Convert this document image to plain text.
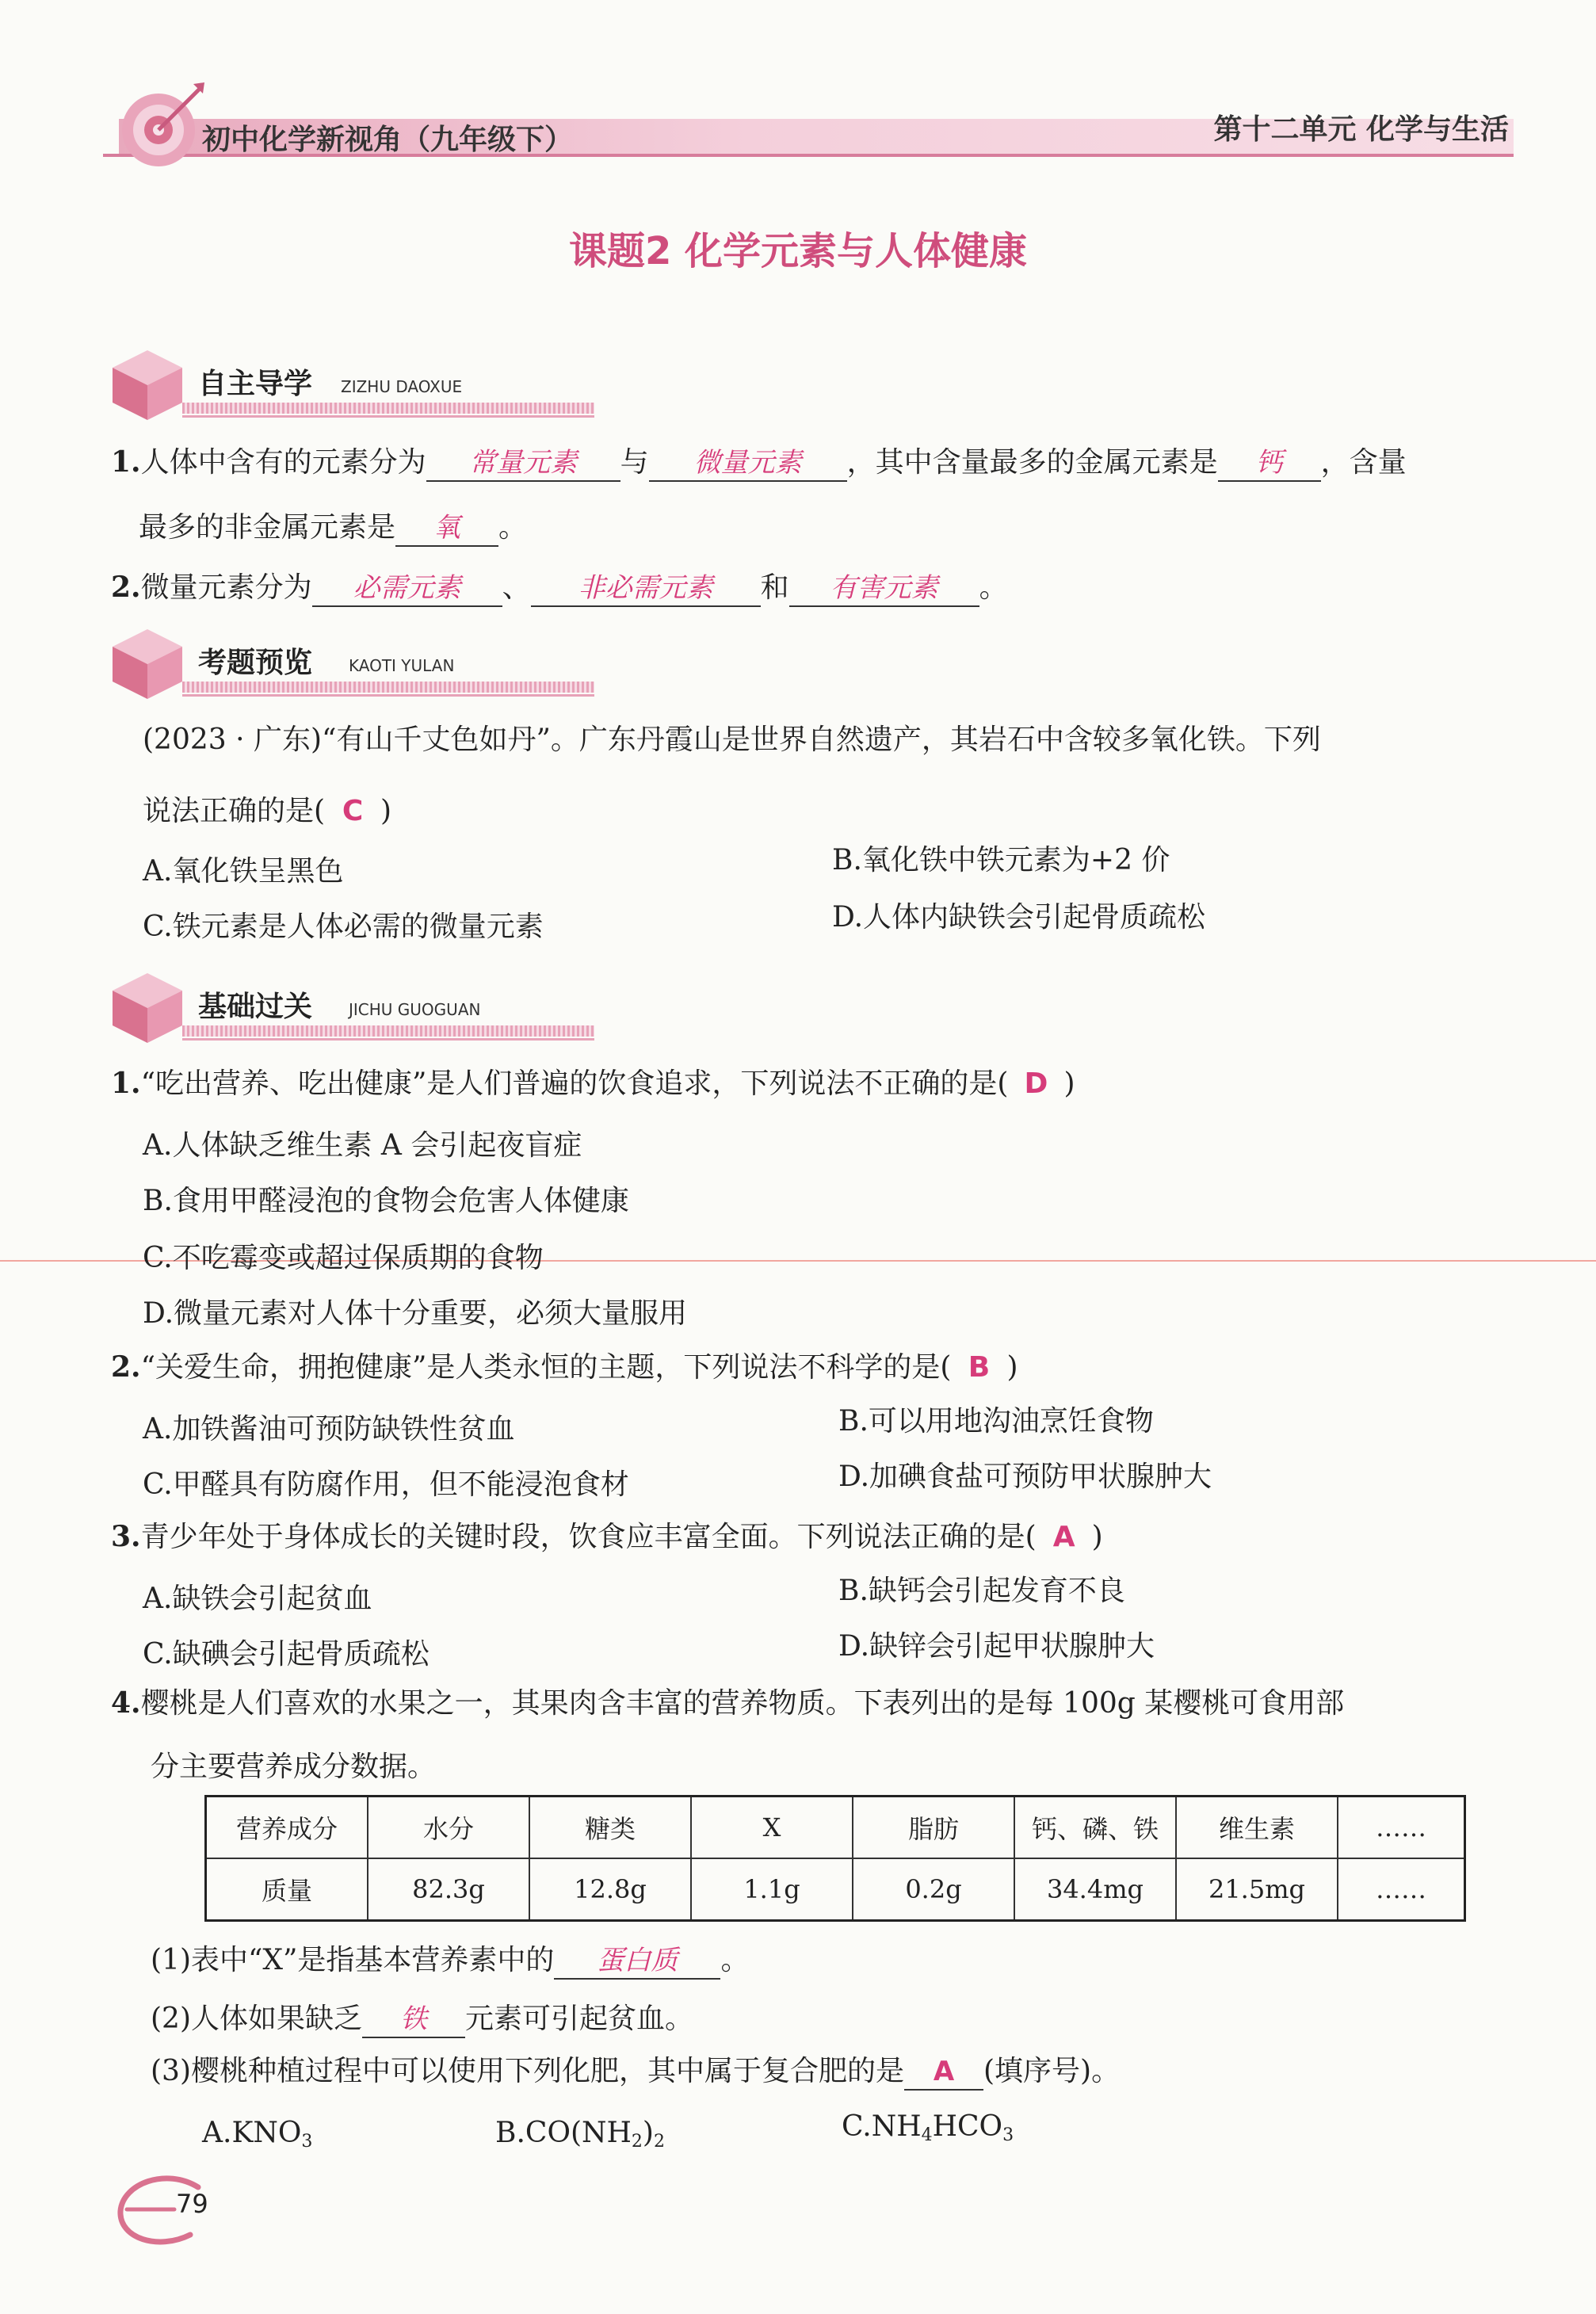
初中化学新视角（九年级下）	第十二单元 化学与生活
课题2 化学元素与人体健康
自主导学 ZIZHU DAOXUE
1.人体中含有的元素分为 常量元素 与 微量元素 ，其中含量最多的金属元素是 钙 ，含量
最多的非金属元素是 氧 。
2.微量元素分为 必需元素 、 非必需元素 和 有害元素 。
考题预览 KAOTI YULAN
(2023 · 广东)“有山千丈色如丹”。广东丹霞山是世界自然遗产，其岩石中含较多氧化铁。下列
说法正确的是( C )
A.氧化铁呈黑色	B.氧化铁中铁元素为+2 价
C.铁元素是人体必需的微量元素	D.人体内缺铁会引起骨质疏松
基础过关 JICHU GUOGUAN
1.“吃出营养、吃出健康”是人们普遍的饮食追求，下列说法不正确的是( D )
A.人体缺乏维生素 A 会引起夜盲症
B.食用甲醛浸泡的食物会危害人体健康
C.不吃霉变或超过保质期的食物
D.微量元素对人体十分重要，必须大量服用
2.“关爱生命，拥抱健康”是人类永恒的主题，下列说法不科学的是( B )
A.加铁酱油可预防缺铁性贫血	B.可以用地沟油烹饪食物
C.甲醛具有防腐作用，但不能浸泡食材	D.加碘食盐可预防甲状腺肿大
3.青少年处于身体成长的关键时段，饮食应丰富全面。下列说法正确的是( A )
A.缺铁会引起贫血	B.缺钙会引起发育不良
C.缺碘会引起骨质疏松	D.缺锌会引起甲状腺肿大
4.樱桃是人们喜欢的水果之一，其果肉含丰富的营养物质。下表列出的是每 100g 某樱桃可食用部
分主要营养成分数据。
营养成分	水分	糖类	X	脂肪	钙、磷、铁	维生素	……
质量	82.3g	12.8g	1.1g	0.2g	34.4mg	21.5mg	……
(1)表中“X”是指基本营养素中的 蛋白质 。
(2)人体如果缺乏 铁 元素可引起贫血。
(3)樱桃种植过程中可以使用下列化肥，其中属于复合肥的是 A (填序号)。
$A.KNO_3$	$B.CO(NH_2)_2$	$C.NH_4HCO_3$
79
